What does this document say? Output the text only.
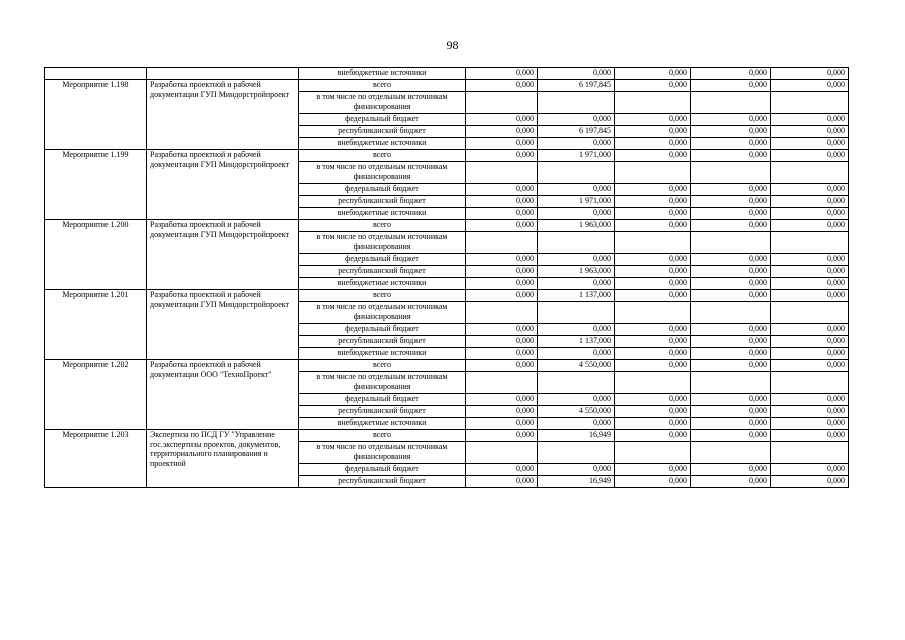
98
		внебюджетные источники	0,000	0,000	0,000	0,000	0,000
Мероприятие 1.198	Разработка проектной и рабочей документации ГУП Миндорстройпроект	всего	0,000	6 197,845	0,000	0,000	0,000
		в том числе по отдельным источникам финансирования					
		федеральный бюджет	0,000	0,000	0,000	0,000	0,000
		республиканский бюджет	0,000	6 197,845	0,000	0,000	0,000
		внебюджетные источники	0,000	0,000	0,000	0,000	0,000
Мероприятие 1.199	Разработка проектной и рабочей документации ГУП Миндорстройпроект	всего	0,000	1 971,000	0,000	0,000	0,000
		в том числе по отдельным источникам финансирования					
		федеральный бюджет	0,000	0,000	0,000	0,000	0,000
		республиканский бюджет	0,000	1 971,000	0,000	0,000	0,000
		внебюджетные источники	0,000	0,000	0,000	0,000	0,000
Мероприятие 1.200	Разработка проектной и рабочей документации ГУП Миндорстройпроект	всего	0,000	1 963,000	0,000	0,000	0,000
		в том числе по отдельным источникам финансирования					
		федеральный бюджет	0,000	0,000	0,000	0,000	0,000
		республиканский бюджет	0,000	1 963,000	0,000	0,000	0,000
		внебюджетные источники	0,000	0,000	0,000	0,000	0,000
Мероприятие 1.201	Разработка проектной и рабочей документации ГУП Миндорстройпроект	всего	0,000	1 137,000	0,000	0,000	0,000
		в том числе по отдельным источникам финансирования					
		федеральный бюджет	0,000	0,000	0,000	0,000	0,000
		республиканский бюджет	0,000	1 137,000	0,000	0,000	0,000
		внебюджетные источники	0,000	0,000	0,000	0,000	0,000
Мероприятие 1.202	Разработка проектной и рабочей документации ООО "ТехноПроект"	всего	0,000	4 550,000	0,000	0,000	0,000
		в том числе по отдельным источникам финансирования					
		федеральный бюджет	0,000	0,000	0,000	0,000	0,000
		республиканский бюджет	0,000	4 550,000	0,000	0,000	0,000
		внебюджетные источники	0,000	0,000	0,000	0,000	0,000
Мероприятие 1.203	Экспертиза по ПСД ГУ "Управление гос.экспертизы проектов, документов, территориального планирования и проектной	всего	0,000	16,949	0,000	0,000	0,000
		в том числе по отдельным источникам финансирования					
		федеральный бюджет	0,000	0,000	0,000	0,000	0,000
		республиканский бюджет	0,000	16,949	0,000	0,000	0,000
